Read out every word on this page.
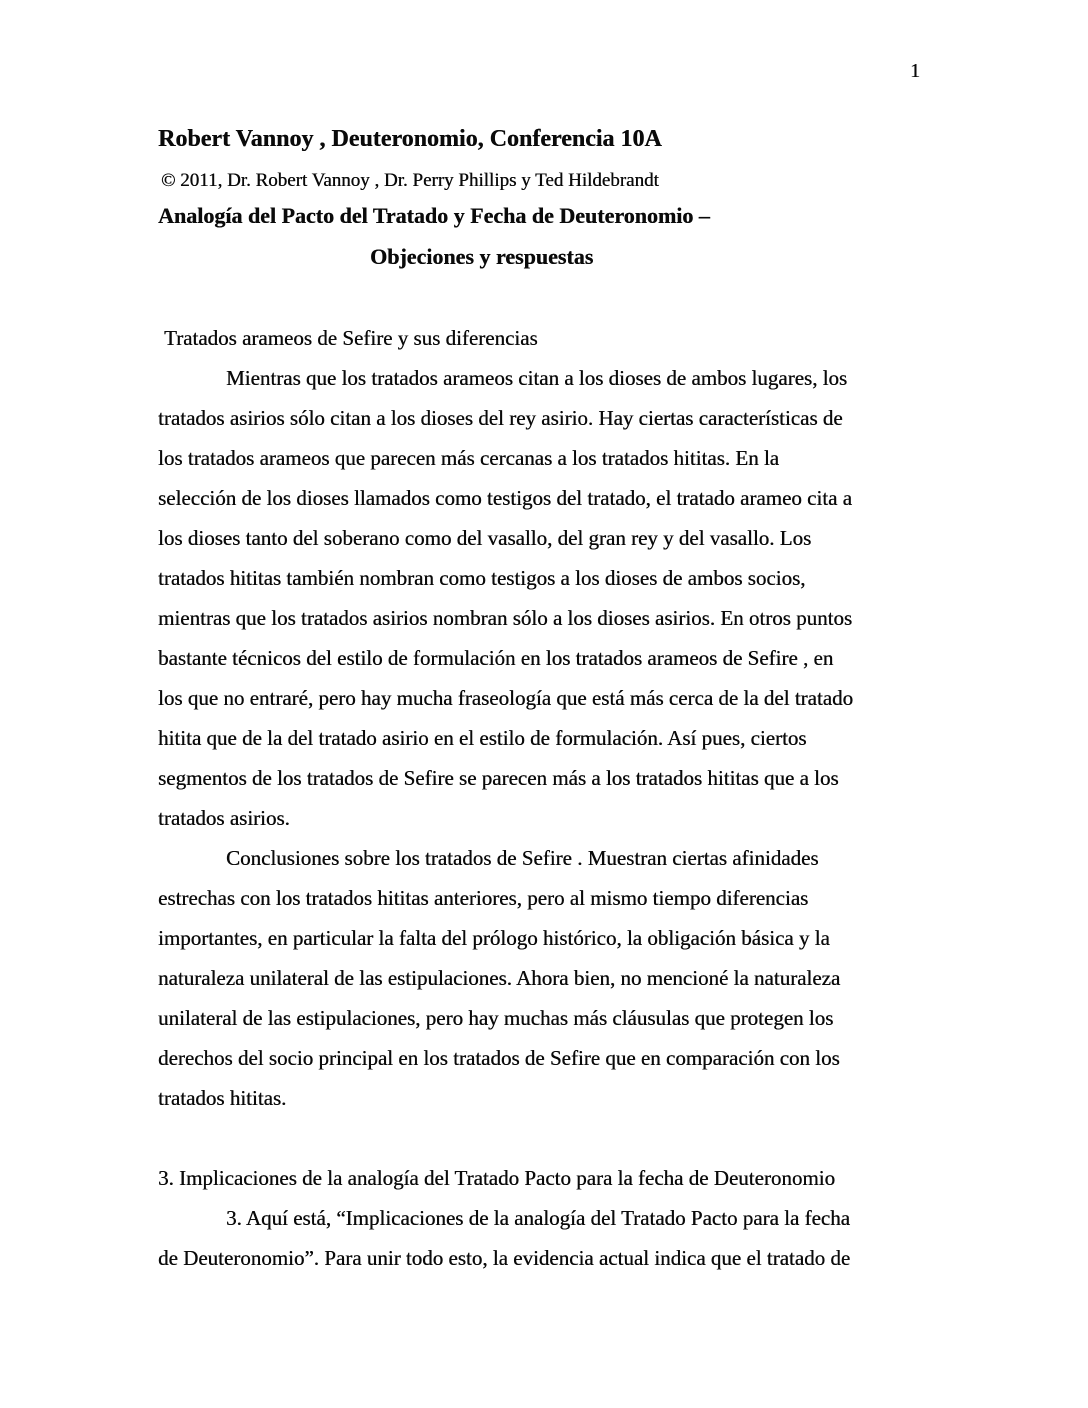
1
Robert Vannoy , Deuteronomio, Conferencia 10A
© 2011, Dr. Robert Vannoy , Dr. Perry Phillips y Ted Hildebrandt
Analogía del Pacto del Tratado y Fecha de Deuteronomio –
Objeciones y respuestas
Tratados arameos de Sefire y sus diferencias
Mientras que los tratados arameos citan a los dioses de ambos lugares, los
tratados asirios sólo citan a los dioses del rey asirio. Hay ciertas características de
los tratados arameos que parecen más cercanas a los tratados hititas. En la
selección de los dioses llamados como testigos del tratado, el tratado arameo cita a
los dioses tanto del soberano como del vasallo, del gran rey y del vasallo. Los
tratados hititas también nombran como testigos a los dioses de ambos socios,
mientras que los tratados asirios nombran sólo a los dioses asirios. En otros puntos
bastante técnicos del estilo de formulación en los tratados arameos de Sefire , en
los que no entraré, pero hay mucha fraseología que está más cerca de la del tratado
hitita que de la del tratado asirio en el estilo de formulación. Así pues, ciertos
segmentos de los tratados de Sefire se parecen más a los tratados hititas que a los
tratados asirios.
Conclusiones sobre los tratados de Sefire . Muestran ciertas afinidades
estrechas con los tratados hititas anteriores, pero al mismo tiempo diferencias
importantes, en particular la falta del prólogo histórico, la obligación básica y la
naturaleza unilateral de las estipulaciones. Ahora bien, no mencioné la naturaleza
unilateral de las estipulaciones, pero hay muchas más cláusulas que protegen los
derechos del socio principal en los tratados de Sefire que en comparación con los
tratados hititas.
3. Implicaciones de la analogía del Tratado Pacto para la fecha de Deuteronomio
3. Aquí está, “Implicaciones de la analogía del Tratado Pacto para la fecha
de Deuteronomio”. Para unir todo esto, la evidencia actual indica que el tratado de
